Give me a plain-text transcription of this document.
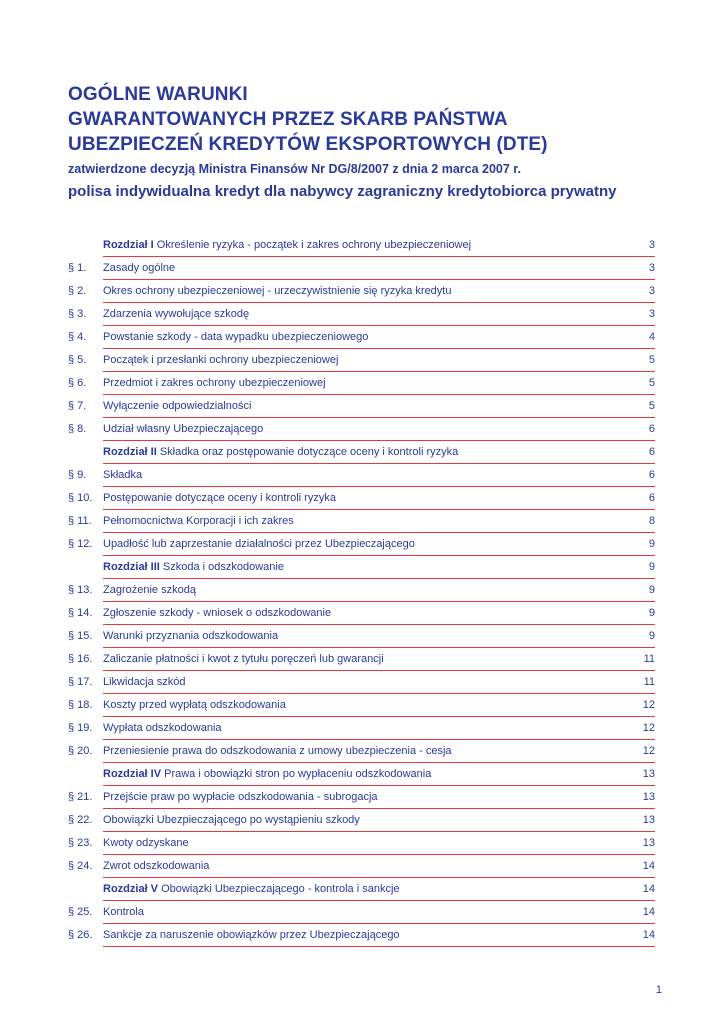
OGÓLNE WARUNKI
GWARANTOWANYCH PRZEZ SKARB PAŃSTWA
UBEZPIECZEŃ KREDYTÓW EKSPORTOWYCH (DTE)
zatwierdzone decyzją Ministra Finansów Nr DG/8/2007 z dnia 2 marca 2007 r.
polisa indywidualna kredyt dla nabywcy zagraniczny kredytobiorca prywatny
Rozdział I Określenie ryzyka - początek i zakres ochrony ubezpieczeniowej	3
§ 1. Zasady ogólne	3
§ 2. Okres ochrony ubezpieczeniowej - urzeczywistnienie się ryzyka kredytu	3
§ 3. Zdarzenia wywołujące szkodę	3
§ 4. Powstanie szkody - data wypadku ubezpieczeniowego	4
§ 5. Początek i przesłanki ochrony ubezpieczeniowej	5
§ 6. Przedmiot i zakres ochrony ubezpieczeniowej	5
§ 7. Wyłączenie odpowiedzialności	5
§ 8. Udział własny Ubezpieczającego	6
Rozdział II Składka oraz postępowanie dotyczące oceny i kontroli ryzyka	6
§ 9. Składka	6
§ 10. Postępowanie dotyczące oceny i kontroli ryzyka	6
§ 11. Pełnomocnictwa Korporacji i ich zakres	8
§ 12. Upadłość lub zaprzestanie działalności przez Ubezpieczającego	9
Rozdział III Szkoda i odszkodowanie	9
§ 13. Zagrożenie szkodą	9
§ 14. Zgłoszenie szkody - wniosek o odszkodowanie	9
§ 15. Warunki przyznania odszkodowania	9
§ 16. Zaliczanie płatności i kwot z tytułu poręczeń lub gwarancji	11
§ 17. Likwidacja szkód	11
§ 18. Koszty przed wypłatą odszkodowania	12
§ 19. Wypłata odszkodowania	12
§ 20. Przeniesienie prawa do odszkodowania z umowy ubezpieczenia - cesja	12
Rozdział IV Prawa i obowiązki stron po wypłaceniu odszkodowania	13
§ 21. Przejście praw po wypłacie odszkodowania - subrogacja	13
§ 22. Obowiązki Ubezpieczającego po wystąpieniu szkody	13
§ 23. Kwoty odzyskane	13
§ 24. Zwrot odszkodowania	14
Rozdział V Obowiązki Ubezpieczającego - kontrola i sankcje	14
§ 25. Kontrola	14
§ 26. Sankcje za naruszenie obowiązków przez Ubezpieczającego	14
1
